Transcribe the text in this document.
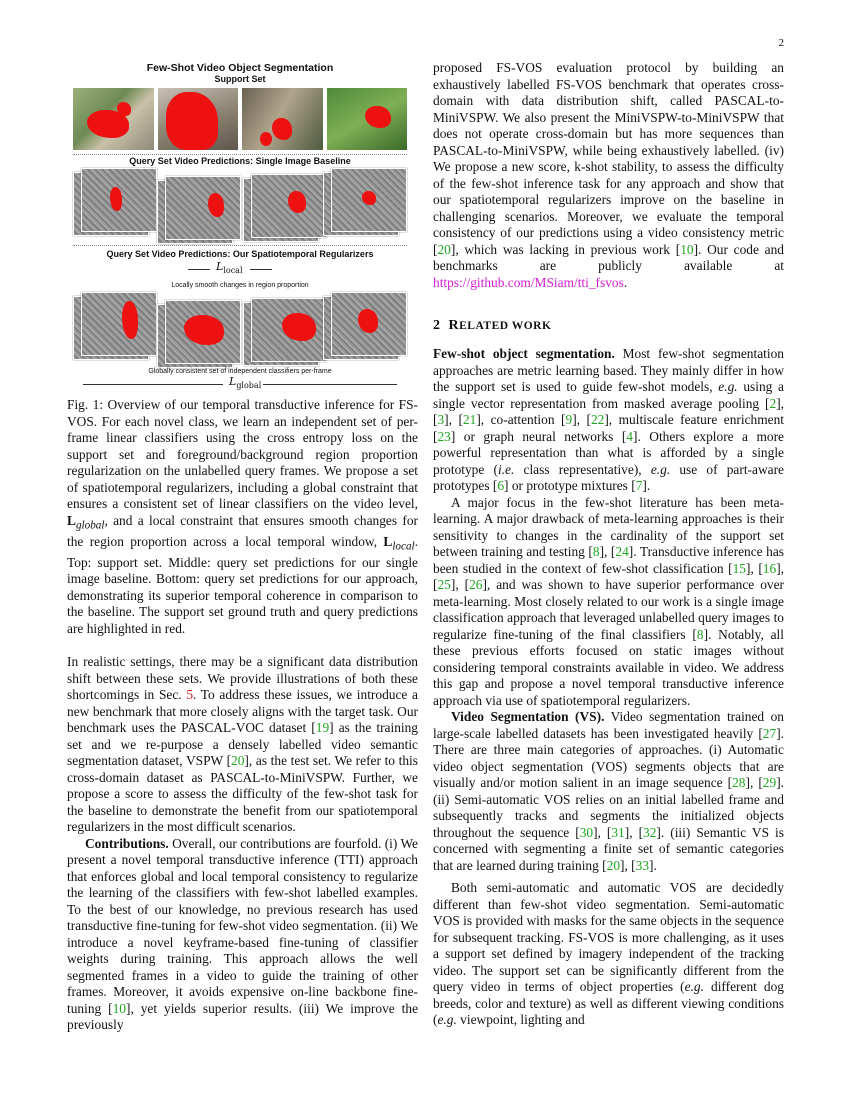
2
Few-Shot Video Object Segmentation
Support Set
Query Set Video Predictions: Single Image Baseline
Query Set Video Predictions: Our Spatiotemporal Regularizers
$L_{local}$
Locally smooth changes in region proportion
Globally consistent set of independent classifiers per-frame
$L_{global}$

Fig. 1: Overview of our temporal transductive inference for FS-VOS. For each novel class, we learn an independent set of per-frame linear classifiers using the cross entropy loss on the support set and foreground/background region proportion regularization on the unlabelled query frames. We propose a set of spatiotemporal regularizers, including a global constraint that ensures a consistent set of linear classifiers on the video level, $L_{global}$, and a local constraint that ensures smooth changes for the region proportion across a local temporal window, $L_{local}$. Top: support set. Middle: query set predictions for our single image baseline. Bottom: query set predictions for our approach, demonstrating its superior temporal coherence in comparison to the baseline. The support set ground truth and query predictions are highlighted in red.

In realistic settings, there may be a significant data distribution shift between these sets. We provide illustrations of both these shortcomings in Sec. 5. To address these issues, we introduce a new benchmark that more closely aligns with the target task. Our benchmark uses the PASCAL-VOC dataset [19] as the training set and we re-purpose a densely labelled video semantic segmentation dataset, VSPW [20], as the test set. We refer to this cross-domain dataset as PASCAL-to-MiniVSPW. Further, we propose a score to assess the difficulty of the few-shot task for the baseline to demonstrate the benefit from our spatiotemporal regularizers in the most difficult scenarios.

Contributions. Overall, our contributions are fourfold. (i) We present a novel temporal transductive inference (TTI) approach that enforces global and local temporal consistency to regularize the learning of the classifiers with few-shot labelled examples. To the best of our knowledge, no previous research has used transductive fine-tuning for few-shot video segmentation. (ii) We introduce a novel keyframe-based fine-tuning of classifier weights during training. This approach allows the well segmented frames in a video to guide the training of other frames. Moreover, it avoids expensive on-line backbone fine-tuning [10], yet yields superior results. (iii) We improve the previously

proposed FS-VOS evaluation protocol by building an exhaustively labelled FS-VOS benchmark that operates cross-domain with data distribution shift, called PASCAL-to-MiniVSPW. We also present the MiniVSPW-to-MiniVSPW that does not operate cross-domain but has more sequences than PASCAL-to-MiniVSPW, while being exhaustively labelled. (iv) We propose a new score, k-shot stability, to assess the difficulty of the few-shot inference task for any approach and show that our spatiotemporal regularizers improve on the baseline in challenging scenarios. Moreover, we evaluate the temporal consistency of our predictions using a video consistency metric [20], which was lacking in previous work [10]. Our code and benchmarks are publicly available at https://github.com/MSiam/tti_fsvos.

2 RELATED WORK

Few-shot object segmentation. Most few-shot segmentation approaches are metric learning based. They mainly differ in how the support set is used to guide few-shot models, e.g. using a single vector representation from masked average pooling [2], [3], [21], co-attention [9], [22], multiscale feature enrichment [23] or graph neural networks [4]. Others explore a more powerful representation than what is afforded by a single prototype (i.e. class representative), e.g. use of part-aware prototypes [6] or prototype mixtures [7].

A major focus in the few-shot literature has been meta-learning. A major drawback of meta-learning approaches is their sensitivity to changes in the cardinality of the support set between training and testing [8], [24]. Transductive inference has been studied in the context of few-shot classification [15], [16], [25], [26], and was shown to have superior performance over meta-learning. Most closely related to our work is a single image classification approach that leveraged unlabelled query images to regularize fine-tuning of the final classifiers [8]. Notably, all these previous efforts focused on static images without considering temporal constraints available in video. We address this gap and propose a novel temporal transductive inference approach via use of spatiotemporal regularizers.

Video Segmentation (VS). Video segmentation trained on large-scale labelled datasets has been investigated heavily [27]. There are three main categories of approaches. (i) Automatic video object segmentation (VOS) segments objects that are visually and/or motion salient in an image sequence [28], [29]. (ii) Semi-automatic VOS relies on an initial labelled frame and subsequently tracks and segments the initialized objects throughout the sequence [30], [31], [32]. (iii) Semantic VS is concerned with segmenting a finite set of semantic categories that are learned during training [20], [33].

Both semi-automatic and automatic VOS are decidedly different than few-shot video segmentation. Semi-automatic VOS is provided with masks for the same objects in the sequence for subsequent tracking. FS-VOS is more challenging, as it uses a support set defined by imagery independent of the tracking video. The support set can be significantly different from the query video in terms of object properties (e.g. different dog breeds, color and texture) as well as different viewing conditions (e.g. viewpoint, lighting and
